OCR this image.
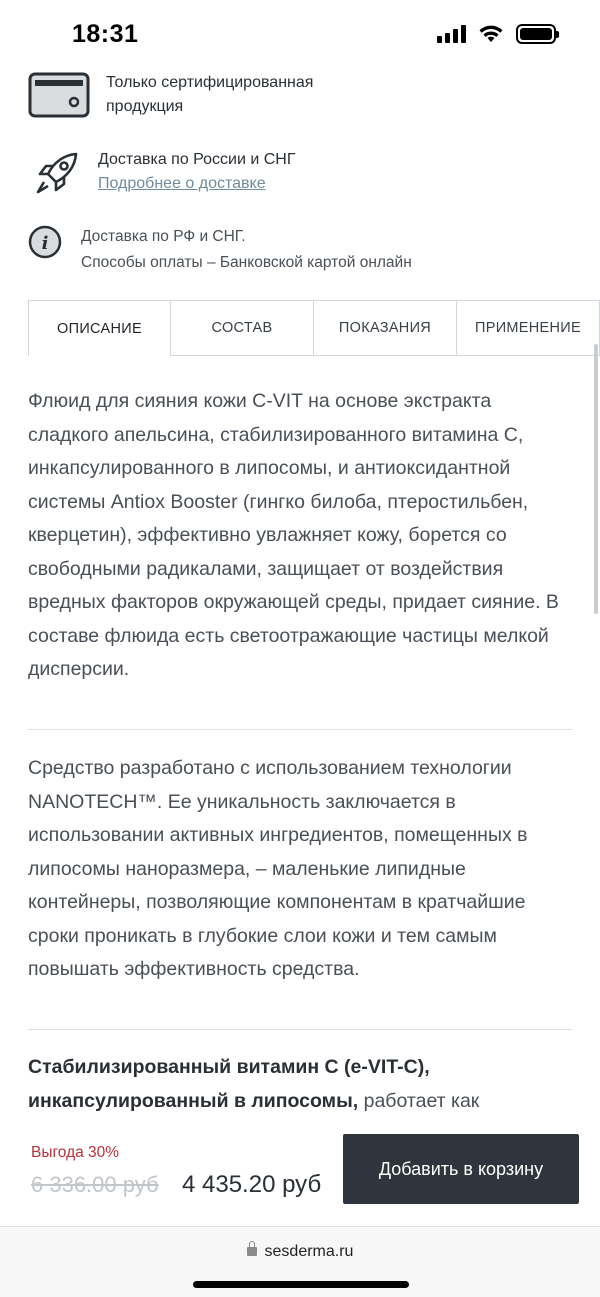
18:31
Только сертифицированная продукция
Доставка по России и СНГ
Подробнее о доставке
i Доставка по РФ и СНГ.
Способы оплаты – Банковской картой онлайн
ОПИСАНИЕ	СОСТАВ	ПОКАЗАНИЯ	ПРИМЕНЕНИЕ
Флюид для сияния кожи C-VIT на основе экстракта сладкого апельсина, стабилизированного витамина С, инкапсулированного в липосомы, и антиоксидантной системы Antiox Booster (гингко билоба, птеростильбен, кверцетин), эффективно увлажняет кожу, борется со свободными радикалами, защищает от воздействия вредных факторов окружающей среды, придает сияние. В составе флюида есть светоотражающие частицы мелкой дисперсии.
Средство разработано с использованием технологии NANOTECH™. Ее уникальность заключается в использовании активных ингредиентов, помещенных в липосомы наноразмера, – маленькие липидные контейнеры, позволяющие компонентам в кратчайшие сроки проникать в глубокие слои кожи и тем самым повышать эффективность средства.
Стабилизированный витамин С (e-VIT-C), инкапсулированный в липосомы, работает как
Выгода 30%
6 336.00 руб 4 435.20 руб
Добавить в корзину
sesderma.ru
